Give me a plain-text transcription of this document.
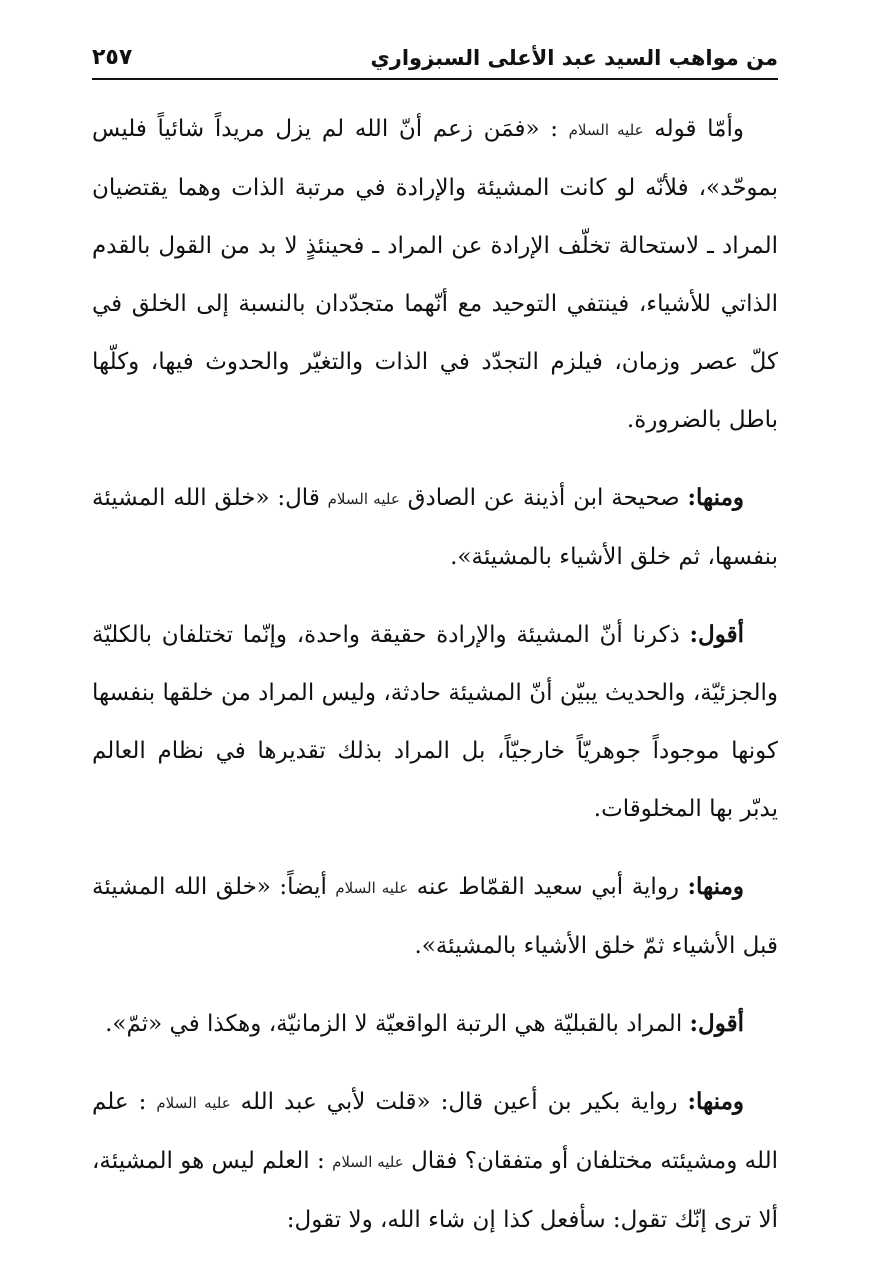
من مواهب السيد عبد الأعلى السبزواري
٢٥٧

وأمّا قوله عليه السلام : «فمَن زعم أنّ الله لم يزل مريداً شائياً فليس بموحّد»، فلأنّه لو كانت المشيئة والإرادة في مرتبة الذات وهما يقتضيان المراد ـ لاستحالة تخلّف الإرادة عن المراد ـ فحينئذٍ لا بد من القول بالقدم الذاتي للأشياء، فينتفي التوحيد مع أنّهما متجدّدان بالنسبة إلى الخلق في كلّ عصر وزمان، فيلزم التجدّد في الذات والتغيّر والحدوث فيها، وكلّها باطل بالضرورة.

ومنها: صحيحة ابن أذينة عن الصادق عليه السلام قال: «خلق الله المشيئة بنفسها، ثم خلق الأشياء بالمشيئة».

أقول: ذكرنا أنّ المشيئة والإرادة حقيقة واحدة، وإنّما تختلفان بالكليّة والجزئيّة، والحديث يبيّن أنّ المشيئة حادثة، وليس المراد من خلقها بنفسها كونها موجوداً جوهريّاً خارجيّاً، بل المراد بذلك تقديرها في نظام العالم يدبّر بها المخلوقات.

ومنها: رواية أبي سعيد القمّاط عنه عليه السلام أيضاً: «خلق الله المشيئة قبل الأشياء ثمّ خلق الأشياء بالمشيئة».

أقول: المراد بالقبليّة هي الرتبة الواقعيّة لا الزمانيّة، وهكذا في «ثمّ».

ومنها: رواية بكير بن أعين قال: «قلت لأبي عبد الله عليه السلام : علم الله ومشيئته مختلفان أو متفقان؟ فقال عليه السلام : العلم ليس هو المشيئة، ألا ترى إنّك تقول: سأفعل كذا إن شاء الله، ولا تقول:
